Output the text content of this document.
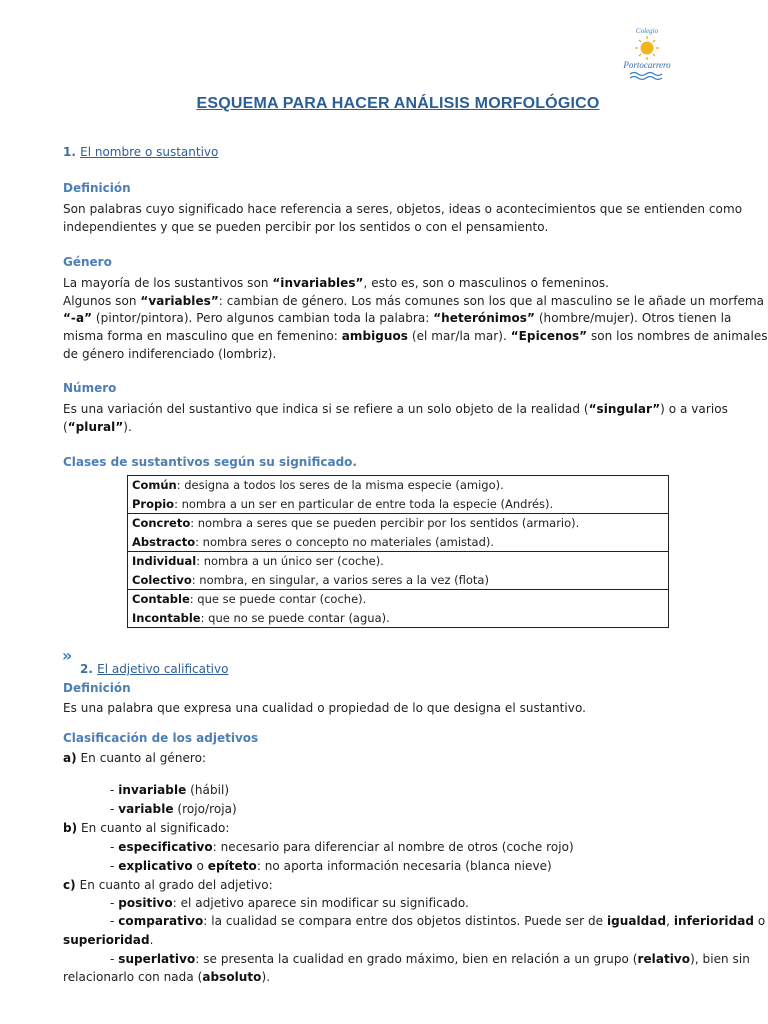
Colegio
Portocarrero
ESQUEMA PARA HACER ANÁLISIS MORFOLÓGICO
1. El nombre o sustantivo
Definición
Son palabras cuyo significado hace referencia a seres, objetos, ideas o acontecimientos que se entienden como
independientes y que se pueden percibir por los sentidos o con el pensamiento.
Género
La mayoría de los sustantivos son “invariables”, esto es, son o masculinos o femeninos.
Algunos son “variables”: cambian de género. Los más comunes son los que al masculino se le añade un morfema
“-a” (pintor/pintora). Pero algunos cambian toda la palabra: “heterónimos” (hombre/mujer). Otros tienen la
misma forma en masculino que en femenino: ambiguos (el mar/la mar). “Epicenos” son los nombres de animales
de género indiferenciado (lombriz).
Número
Es una variación del sustantivo que indica si se refiere a un solo objeto de la realidad (“singular”) o a varios
(“plural”).
Clases de sustantivos según su significado.
Común: designa a todos los seres de la misma especie (amigo).
Propio: nombra a un ser en particular de entre toda la especie (Andrés).

Concreto: nombra a seres que se pueden percibir por los sentidos (armario).
Abstracto: nombra seres o concepto no materiales (amistad).

Individual: nombra a un único ser (coche).
Colectivo: nombra, en singular, a varios seres a la vez (flota)

Contable: que se puede contar (coche).
Incontable: que no se puede contar (agua).
»
2. El adjetivo calificativo
Definición
Es una palabra que expresa una cualidad o propiedad de lo que designa el sustantivo.
Clasificación de los adjetivos
a) En cuanto al género:
- invariable (hábil)
- variable (rojo/roja)
b) En cuanto al significado:
- especificativo: necesario para diferenciar al nombre de otros (coche rojo)
- explicativo o epíteto: no aporta información necesaria (blanca nieve)
c) En cuanto al grado del adjetivo:
- positivo: el adjetivo aparece sin modificar su significado.
- comparativo: la cualidad se compara entre dos objetos distintos. Puede ser de igualdad, inferioridad o
superioridad.
- superlativo: se presenta la cualidad en grado máximo, bien en relación a un grupo (relativo), bien sin
relacionarlo con nada (absoluto).
